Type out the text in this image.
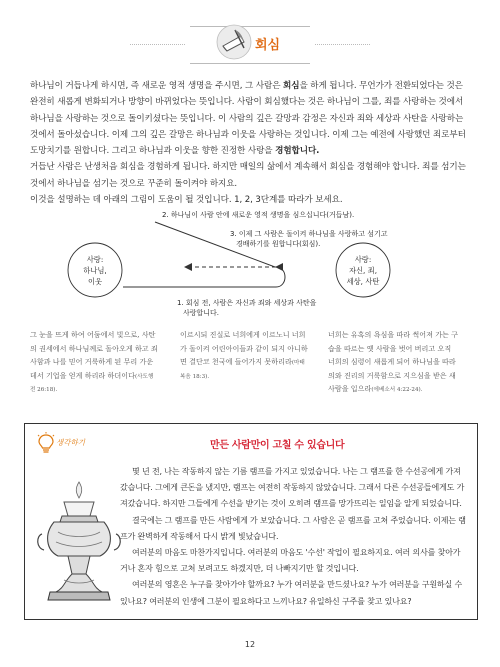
회심

하나님이 거듭나게 하시면, 즉 새로운 영적 생명을 주시면, 그 사람은 회심을 하게 됩니다. 무언가가 전환되었다는 것은 완전히 새롭게 변화되거나 방향이 바뀌었다는 뜻입니다. 사람이 회심했다는 것은 하나님이 그를, 죄를 사랑하는 것에서 하나님을 사랑하는 것으로 돌이키셨다는 뜻입니다. 이 사람의 깊은 갈망과 감정은 자신과 죄와 세상과 사탄을 사랑하는 것에서 돌아섰습니다. 이제 그의 깊은 갈망은 하나님과 이웃을 사랑하는 것입니다. 이제 그는 예전에 사랑했던 죄로부터 도망치기를 원합니다. 그리고 하나님과 이웃을 향한 진정한 사랑을 경험합니다.

거듭난 사람은 난생처음 회심을 경험하게 됩니다. 하지만 매일의 삶에서 계속해서 회심을 경험해야 합니다. 죄를 섬기는 것에서 하나님을 섬기는 것으로 꾸준히 돌이켜야 하지요.

이것을 설명하는 데 아래의 그림이 도움이 될 것입니다. 1, 2, 3단계를 따라가 보세요.

사랑:
하나님,
이웃
사랑:
자신, 죄,
세상, 사탄
2. 하나님이 사람 안에 새로운 영적 생명을 심으십니다(거듭남).
3. 이제 그 사람은 돌이켜 하나님을 사랑하고 섬기고
경배하기를 원합니다(회심).
1. 회심 전, 사람은 자신과 죄와 세상과 사탄을
사랑합니다.
그 눈을 뜨게 하여 어둠에서 빛으로, 사탄
의 권세에서 하나님께로 돌아오게 하고 죄
사함과 나를 믿어 거룩하게 된 무리 가운
데서 기업을 얻게 하리라 하더이다(사도행
전 26:18).
이르시되 진실로 너희에게 이르노니 너희
가 돌이켜 어린아이들과 같이 되지 아니하
면 결단코 천국에 들어가지 못하리라(마태
복음 18:3).
너희는 유혹의 욕심을 따라 썩어져 가는 구
습을 따르는 옛 사람을 벗어 버리고 오직
너희의 심령이 새롭게 되어 하나님을 따라
의와 진리의 거룩함으로 지으심을 받은 새
사람을 입으라(에베소서 4:22-24).
생각하기	만든 사람만이 고칠 수 있습니다

몇 년 전, 나는 작동하지 않는 기름 램프를 가지고 있었습니다. 나는 그 램프를 한 수선공에게 가져갔습니다. 그에게 큰돈을 냈지만, 램프는 여전히 작동하지 않았습니다. 그래서 다른 수선공들에게도 가져갔습니다. 하지만 그들에게 수선을 받기는 것이 오히려 램프를 망가뜨리는 일임을 알게 되었습니다.

결국에는 그 램프를 만든 사람에게 가 보았습니다. 그 사람은 곧 램프를 고쳐 주었습니다. 이제는 램프가 완벽하게 작동해서 다시 밝게 빛났습니다.

여러분의 마음도 마찬가지입니다. 여러분의 마음도 '수선' 작업이 필요하지요. 여러 의사를 찾아가거나 혼자 힘으로 고쳐 보려고도 하겠지만, 더 나빠지기만 할 것입니다.

여러분의 영혼은 누구를 찾아가야 할까요? 누가 여러분을 만드셨나요? 누가 여러분을 구원하실 수 있나요? 여러분의 인생에 그분이 필요하다고 느끼나요? 유일하신 구주를 찾고 있나요?

12
